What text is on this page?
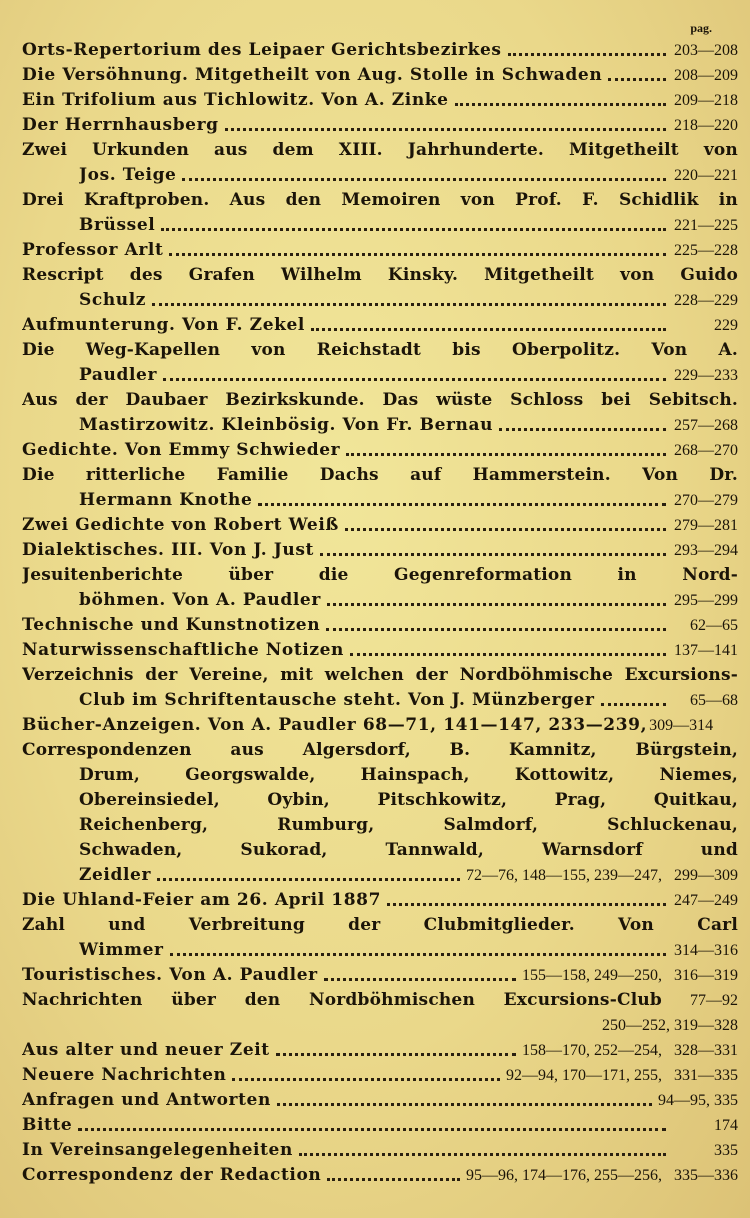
pag.
Orts-Repertorium des Leipaer Gerichtsbezirkes	203—208
Die Versöhnung. Mitgetheilt von Aug. Stolle in Schwaden	208—209
Ein Trifolium aus Tichlowitz. Von A. Zinke	209—218
Der Herrnhausberg	218—220
Zwei Urkunden aus dem XIII. Jahrhunderte. Mitgetheilt von
Jos. Teige	220—221
Drei Kraftproben. Aus den Memoiren von Prof. F. Schidlik in
Brüssel	221—225
Professor Arlt	225—228
Rescript des Grafen Wilhelm Kinsky. Mitgetheilt von Guido
Schulz	228—229
Aufmunterung. Von F. Zekel	229
Die Weg-Kapellen von Reichstadt bis Oberpolitz. Von A.
Paudler	229—233
Aus der Daubaer Bezirkskunde. Das wüste Schloss bei Sebitsch.
Mastirzowitz. Kleinbösig. Von Fr. Bernau	257—268
Gedichte. Von Emmy Schwieder	268—270
Die ritterliche Familie Dachs auf Hammerstein. Von Dr.
Hermann Knothe	270—279
Zwei Gedichte von Robert Weiß	279—281
Dialektisches. III. Von J. Just	293—294
Jesuitenberichte über die Gegenreformation in Nord-
böhmen. Von A. Paudler	295—299
Technische und Kunstnotizen	62—65
Naturwissenschaftliche Notizen	137—141
Verzeichnis der Vereine, mit welchen der Nordböhmische Excursions-
Club im Schriftentausche steht. Von J. Münzberger	65—68
Bücher-Anzeigen. Von A. Paudler 68—71, 141—147, 233—239, 309—314
Correspondenzen aus Algersdorf, B. Kamnitz, Bürgstein,
Drum, Georgswalde, Hainspach, Kottowitz, Niemes,
Obereinsiedel, Oybin, Pitschkowitz, Prag, Quitkau,
Reichenberg, Rumburg, Salmdorf, Schluckenau,
Schwaden, Sukorad, Tannwald, Warnsdorf und
Zeidler	72—76, 148—155, 239—247, 299—309
Die Uhland-Feier am 26. April 1887	247—249
Zahl und Verbreitung der Clubmitglieder. Von Carl
Wimmer	314—316
Touristisches. Von A. Paudler	155—158, 249—250, 316—319
Nachrichten über den Nordböhmischen Excursions-Club	77—92
250—252, 319—328
Aus alter und neuer Zeit	158—170, 252—254, 328—331
Neuere Nachrichten	92—94, 170—171, 255, 331—335
Anfragen und Antworten	94—95, 335
Bitte	174
In Vereinsangelegenheiten	335
Correspondenz der Redaction	95—96, 174—176, 255—256, 335—336
